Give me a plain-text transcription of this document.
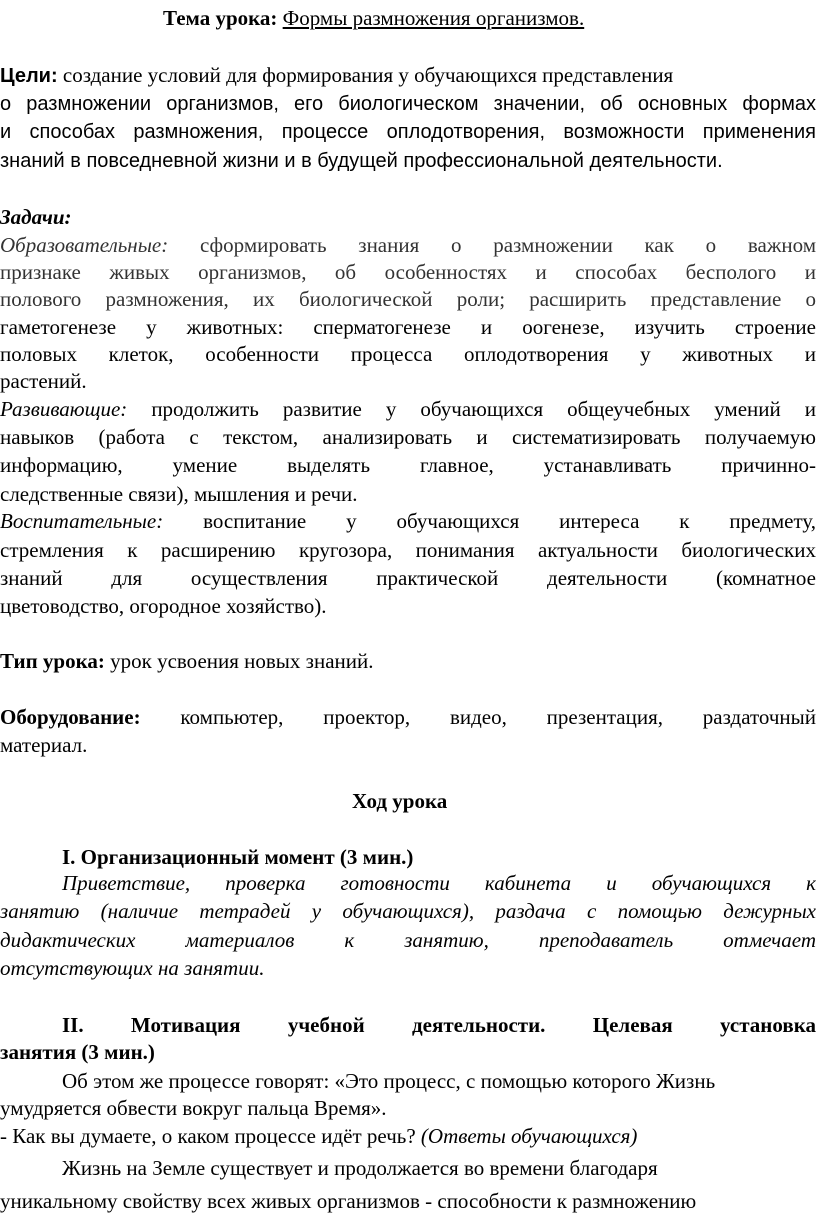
Тема урока: Формы размножения организмов.
Цели: создание условий для формирования у обучающихся представления
о размножении организмов, его биологическом значении, об основных формах
и способах размножения, процессе оплодотворения, возможности применения
знаний в повседневной жизни и в будущей профессиональной деятельности.
Задачи:
Образовательные: сформировать знания о размножении как о важном
признаке живых организмов, об особенностях и способах бесполого и
полового размножения, их биологической роли; расширить представление о
гаметогенезе у животных: сперматогенезе и оогенезе, изучить строение
половых клеток, особенности процесса оплодотворения у животных и
растений.
Развивающие: продолжить развитие у обучающихся общеучебных умений и
навыков (работа с текстом, анализировать и систематизировать получаемую
информацию, умение выделять главное, устанавливать причинно-
следственные связи), мышления и речи.
Воспитательные: воспитание у обучающихся интереса к предмету,
стремления к расширению кругозора, понимания актуальности биологических
знаний для осуществления практической деятельности (комнатное
цветоводство, огородное хозяйство).
Тип урока: урок усвоения новых знаний.
Оборудование: компьютер, проектор, видео, презентация, раздаточный
материал.
Ход урока
I. Организационный момент (3 мин.)
Приветствие, проверка готовности кабинета и обучающихся к
занятию (наличие тетрадей у обучающихся), раздача с помощью дежурных
дидактических материалов к занятию, преподаватель отмечает
отсутствующих на занятии.
II. Мотивация учебной деятельности. Целевая установка
занятия (3 мин.)
Об этом же процессе говорят: «Это процесс, с помощью которого Жизнь
умудряется обвести вокруг пальца Время».
- Как вы думаете, о каком процессе идёт речь? (Ответы обучающихся)
Жизнь на Земле существует и продолжается во времени благодаря
уникальному свойству всех живых организмов - способности к размножению
